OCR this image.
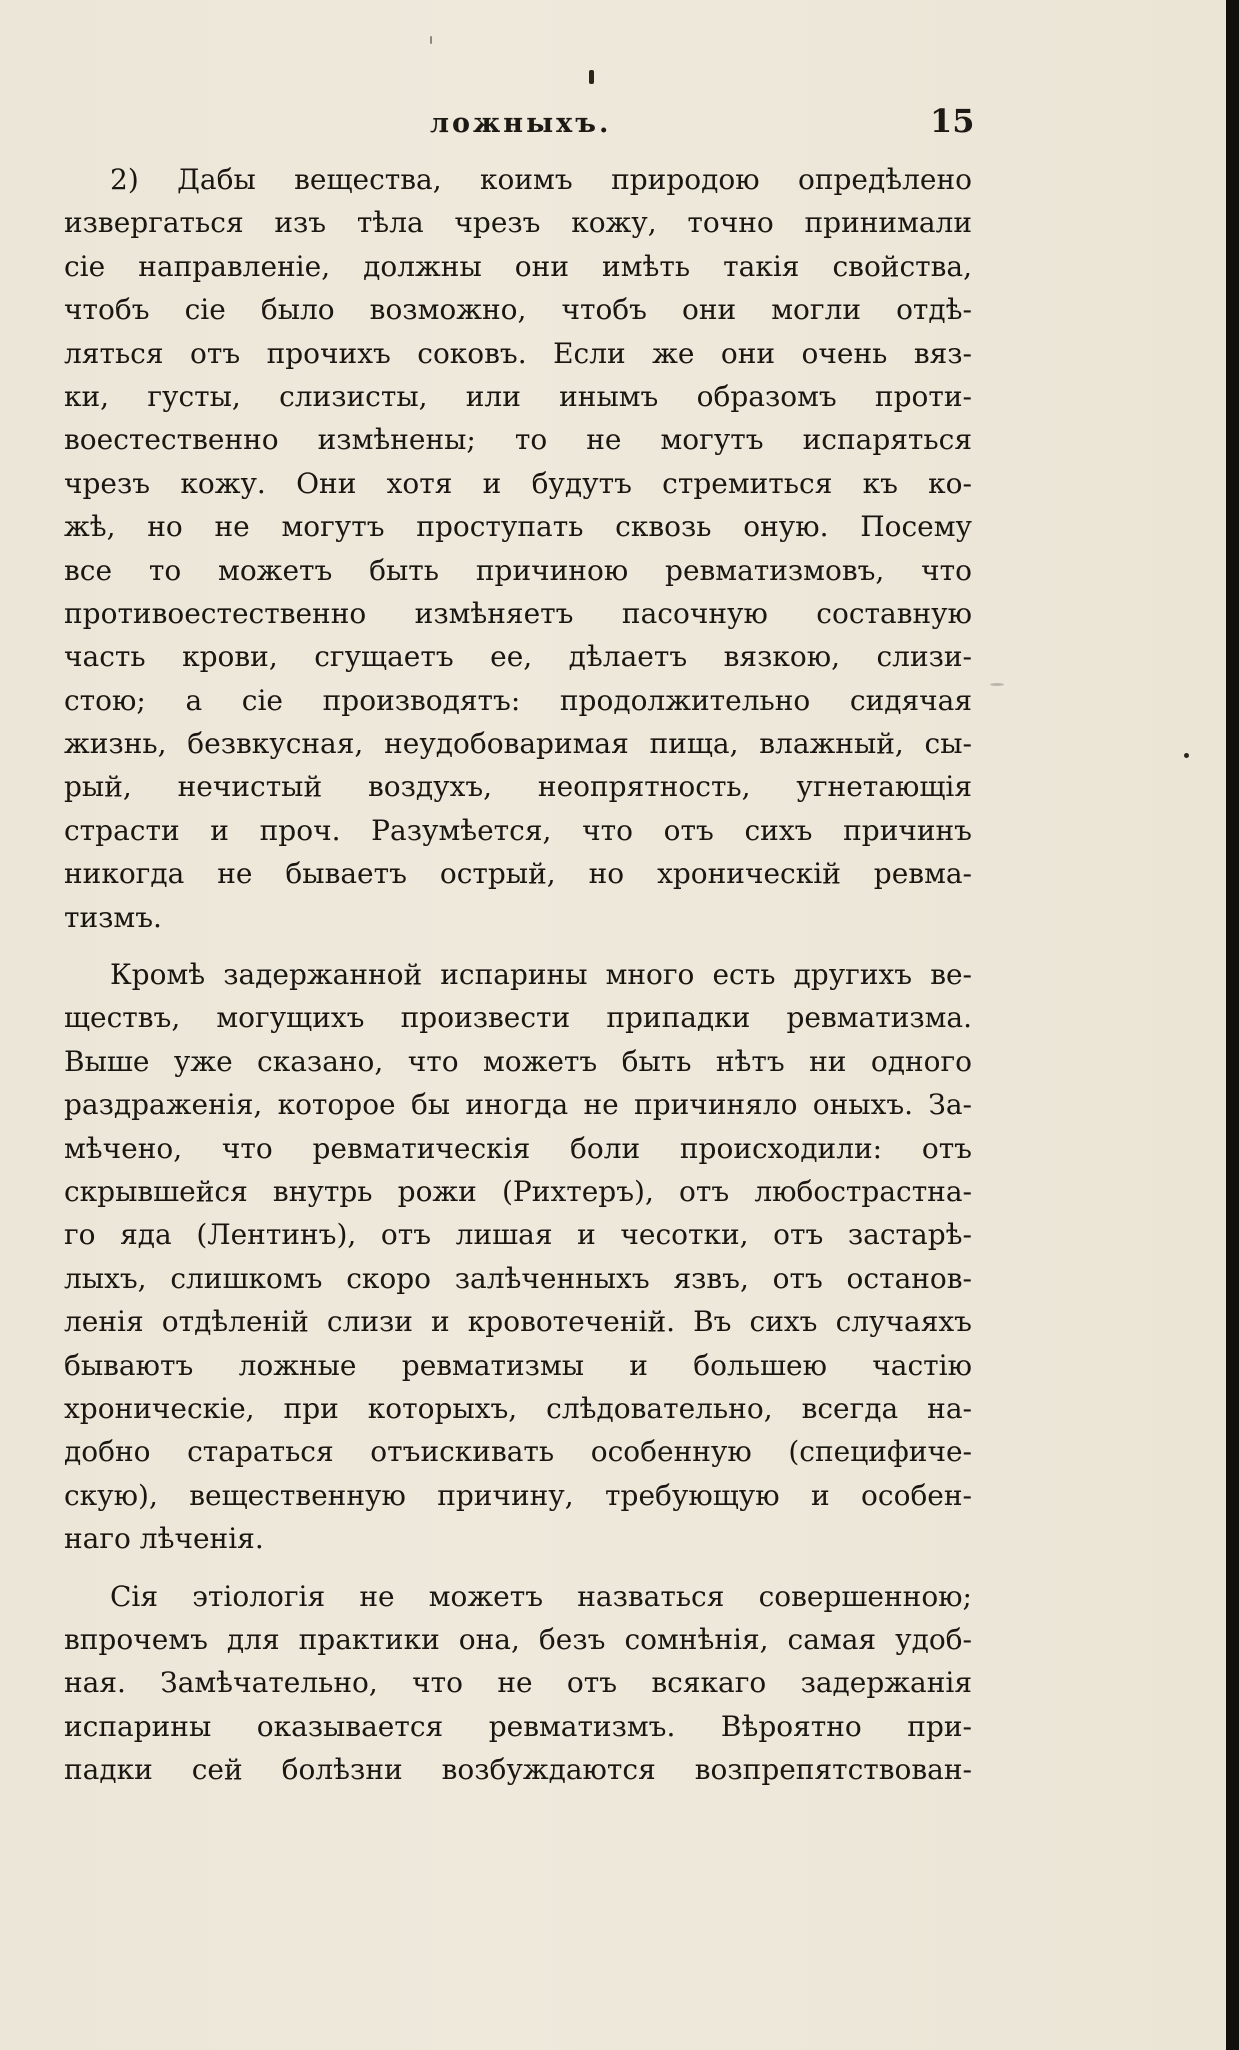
ложныхъ.	15
2) Дабы вещества, коимъ природою опредѣлено
извергаться изъ тѣла чрезъ кожу, точно принимали
сіе направленіе, должны они имѣть такія свойства,
чтобъ сіе было возможно, чтобъ они могли отдѣ-
ляться отъ прочихъ соковъ. Если же они очень вяз-
ки, густы, слизисты, или инымъ образомъ проти-
воестественно измѣнены; то не могутъ испаряться
чрезъ кожу. Они хотя и будутъ стремиться къ ко-
жѣ, но не могутъ проступать сквозь оную. Посему
все то можетъ быть причиною ревматизмовъ, что
противоестественно измѣняетъ пасочную составную
часть крови, сгущаетъ ее, дѣлаетъ вязкою, слизи-
стою; а сіе производятъ: продолжительно сидячая
жизнь, безвкусная, неудобоваримая пища, влажный, сы-
рый, нечистый воздухъ, неопрятность, угнетающія
страсти и проч. Разумѣется, что отъ сихъ причинъ
никогда не бываетъ острый, но хроническій ревма-
тизмъ.
Кромѣ задержанной испарины много есть другихъ ве-
ществъ, могущихъ произвести припадки ревматизма.
Выше уже сказано, что можетъ быть нѣтъ ни одного
раздраженія, которое бы иногда не причиняло оныхъ. За-
мѣчено, что ревматическія боли происходили: отъ
скрывшейся внутрь рожи (Рихтеръ), отъ любострастна-
го яда (Лентинъ), отъ лишая и чесотки, отъ застарѣ-
лыхъ, слишкомъ скоро залѣченныхъ язвъ, отъ останов-
ленія отдѣленій слизи и кровотеченій. Въ сихъ случаяхъ
бываютъ ложные ревматизмы и большею частію
хроническіе, при которыхъ, слѣдовательно, всегда на-
добно стараться отъискивать особенную (специфиче-
скую), вещественную причину, требующую и особен-
наго лѣченія.
Сія этіологія не можетъ назваться совершенною;
впрочемъ для практики она, безъ сомнѣнія, самая удоб-
ная. Замѣчательно, что не отъ всякаго задержанія
испарины оказывается ревматизмъ. Вѣроятно при-
падки сей болѣзни возбуждаются возпрепятствован-
